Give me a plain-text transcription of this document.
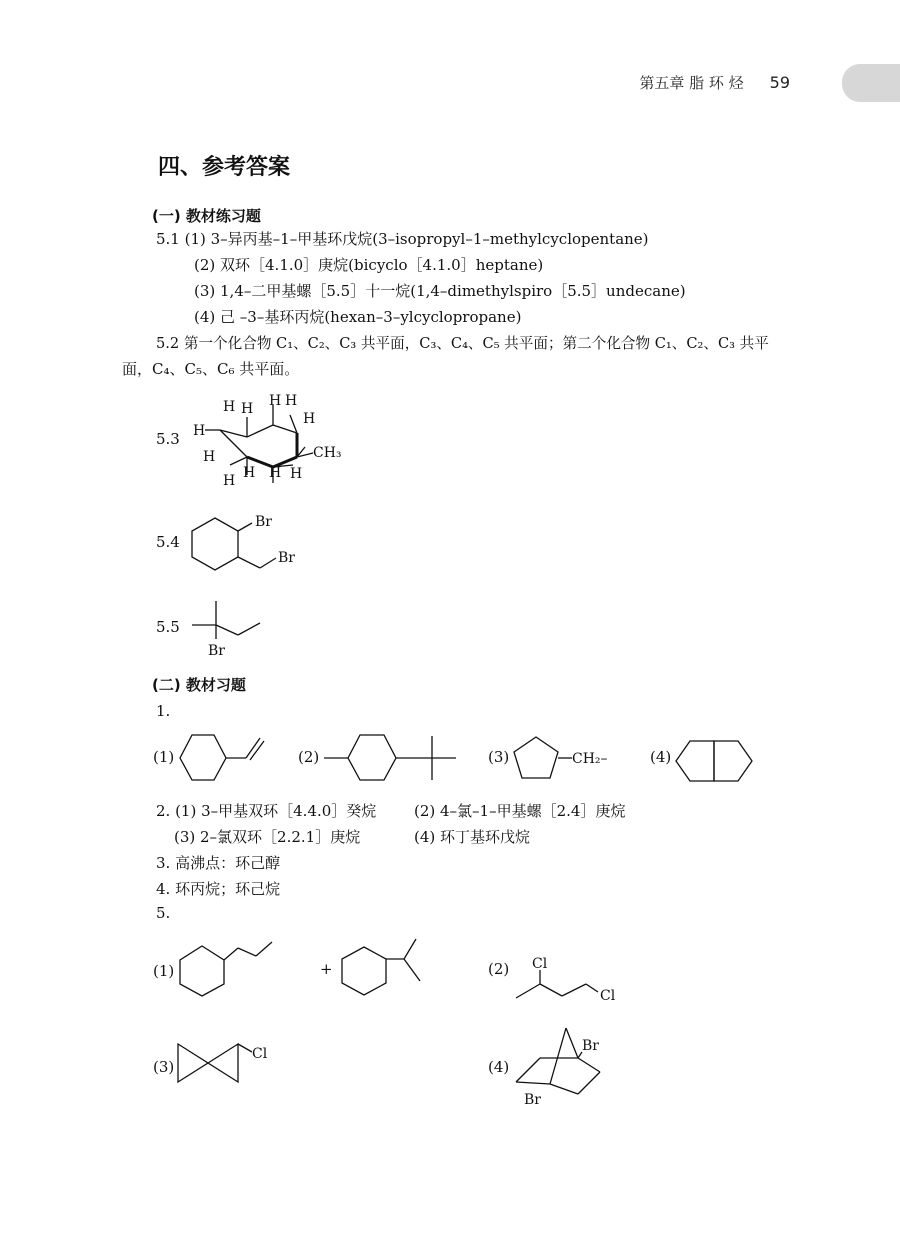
第五章 脂 环 烃 59
四、参考答案
(一) 教材练习题
5.1 (1) 3–异丙基–1–甲基环戊烷(3–isopropyl–1–methylcyclopentane)
(2) 双环［4.1.0］庚烷(bicyclo［4.1.0］heptane)
(3) 1,4–二甲基螺［5.5］十一烷(1,4–dimethylspiro［5.5］undecane)
(4) 己 –3–基环丙烷(hexan–3–ylcyclopropane)
5.2 第一个化合物 C₁、C₂、C₃ 共平面，C₃、C₄、C₅ 共平面；第二个化合物 C₁、C₂、C₃ 共平
面，C₄、C₅、C₆ 共平面。
5.3
H H H H
H
H
H
H H H H
CH₃
5.4
Br
Br
5.5
Br
(二) 教材习题
1.
(1)	(2)	(3)	CH₂–	(4)
2. (1) 3–甲基双环［4.4.0］癸烷	(2) 4–氯–1–甲基螺［2.4］庚烷
(3) 2–氯双环［2.2.1］庚烷	(4) 环丁基环戊烷
3. 高沸点：环己醇
4. 环丙烷；环己烷
5.
(1)	+	(2) Cl
Cl
(3)
Cl
(4)
Br
Br
